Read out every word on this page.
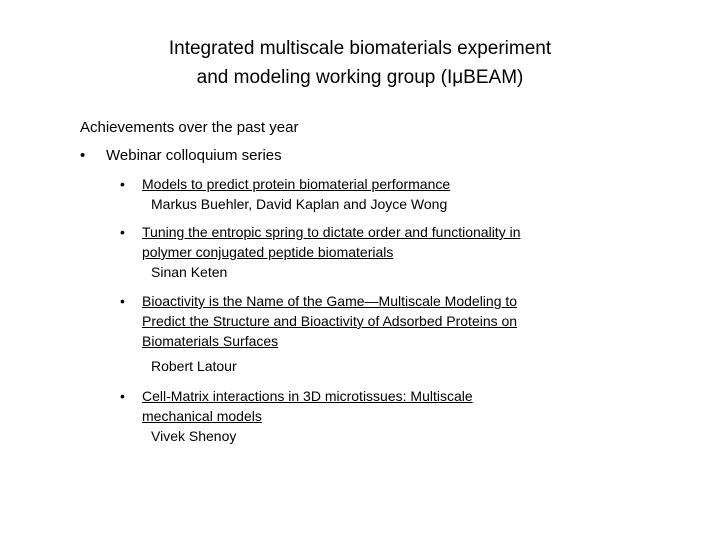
Integrated multiscale biomaterials experiment
and modeling working group (IμBEAM)
Achievements over the past year
• Webinar colloquium series
• Models to predict protein biomaterial performance
Markus Buehler, David Kaplan and Joyce Wong
• Tuning the entropic spring to dictate order and functionality in
polymer conjugated peptide biomaterials
Sinan Keten
• Bioactivity is the Name of the Game—Multiscale Modeling to
Predict the Structure and Bioactivity of Adsorbed Proteins on
Biomaterials Surfaces
Robert Latour
• Cell-Matrix interactions in 3D microtissues: Multiscale
mechanical models
Vivek Shenoy
